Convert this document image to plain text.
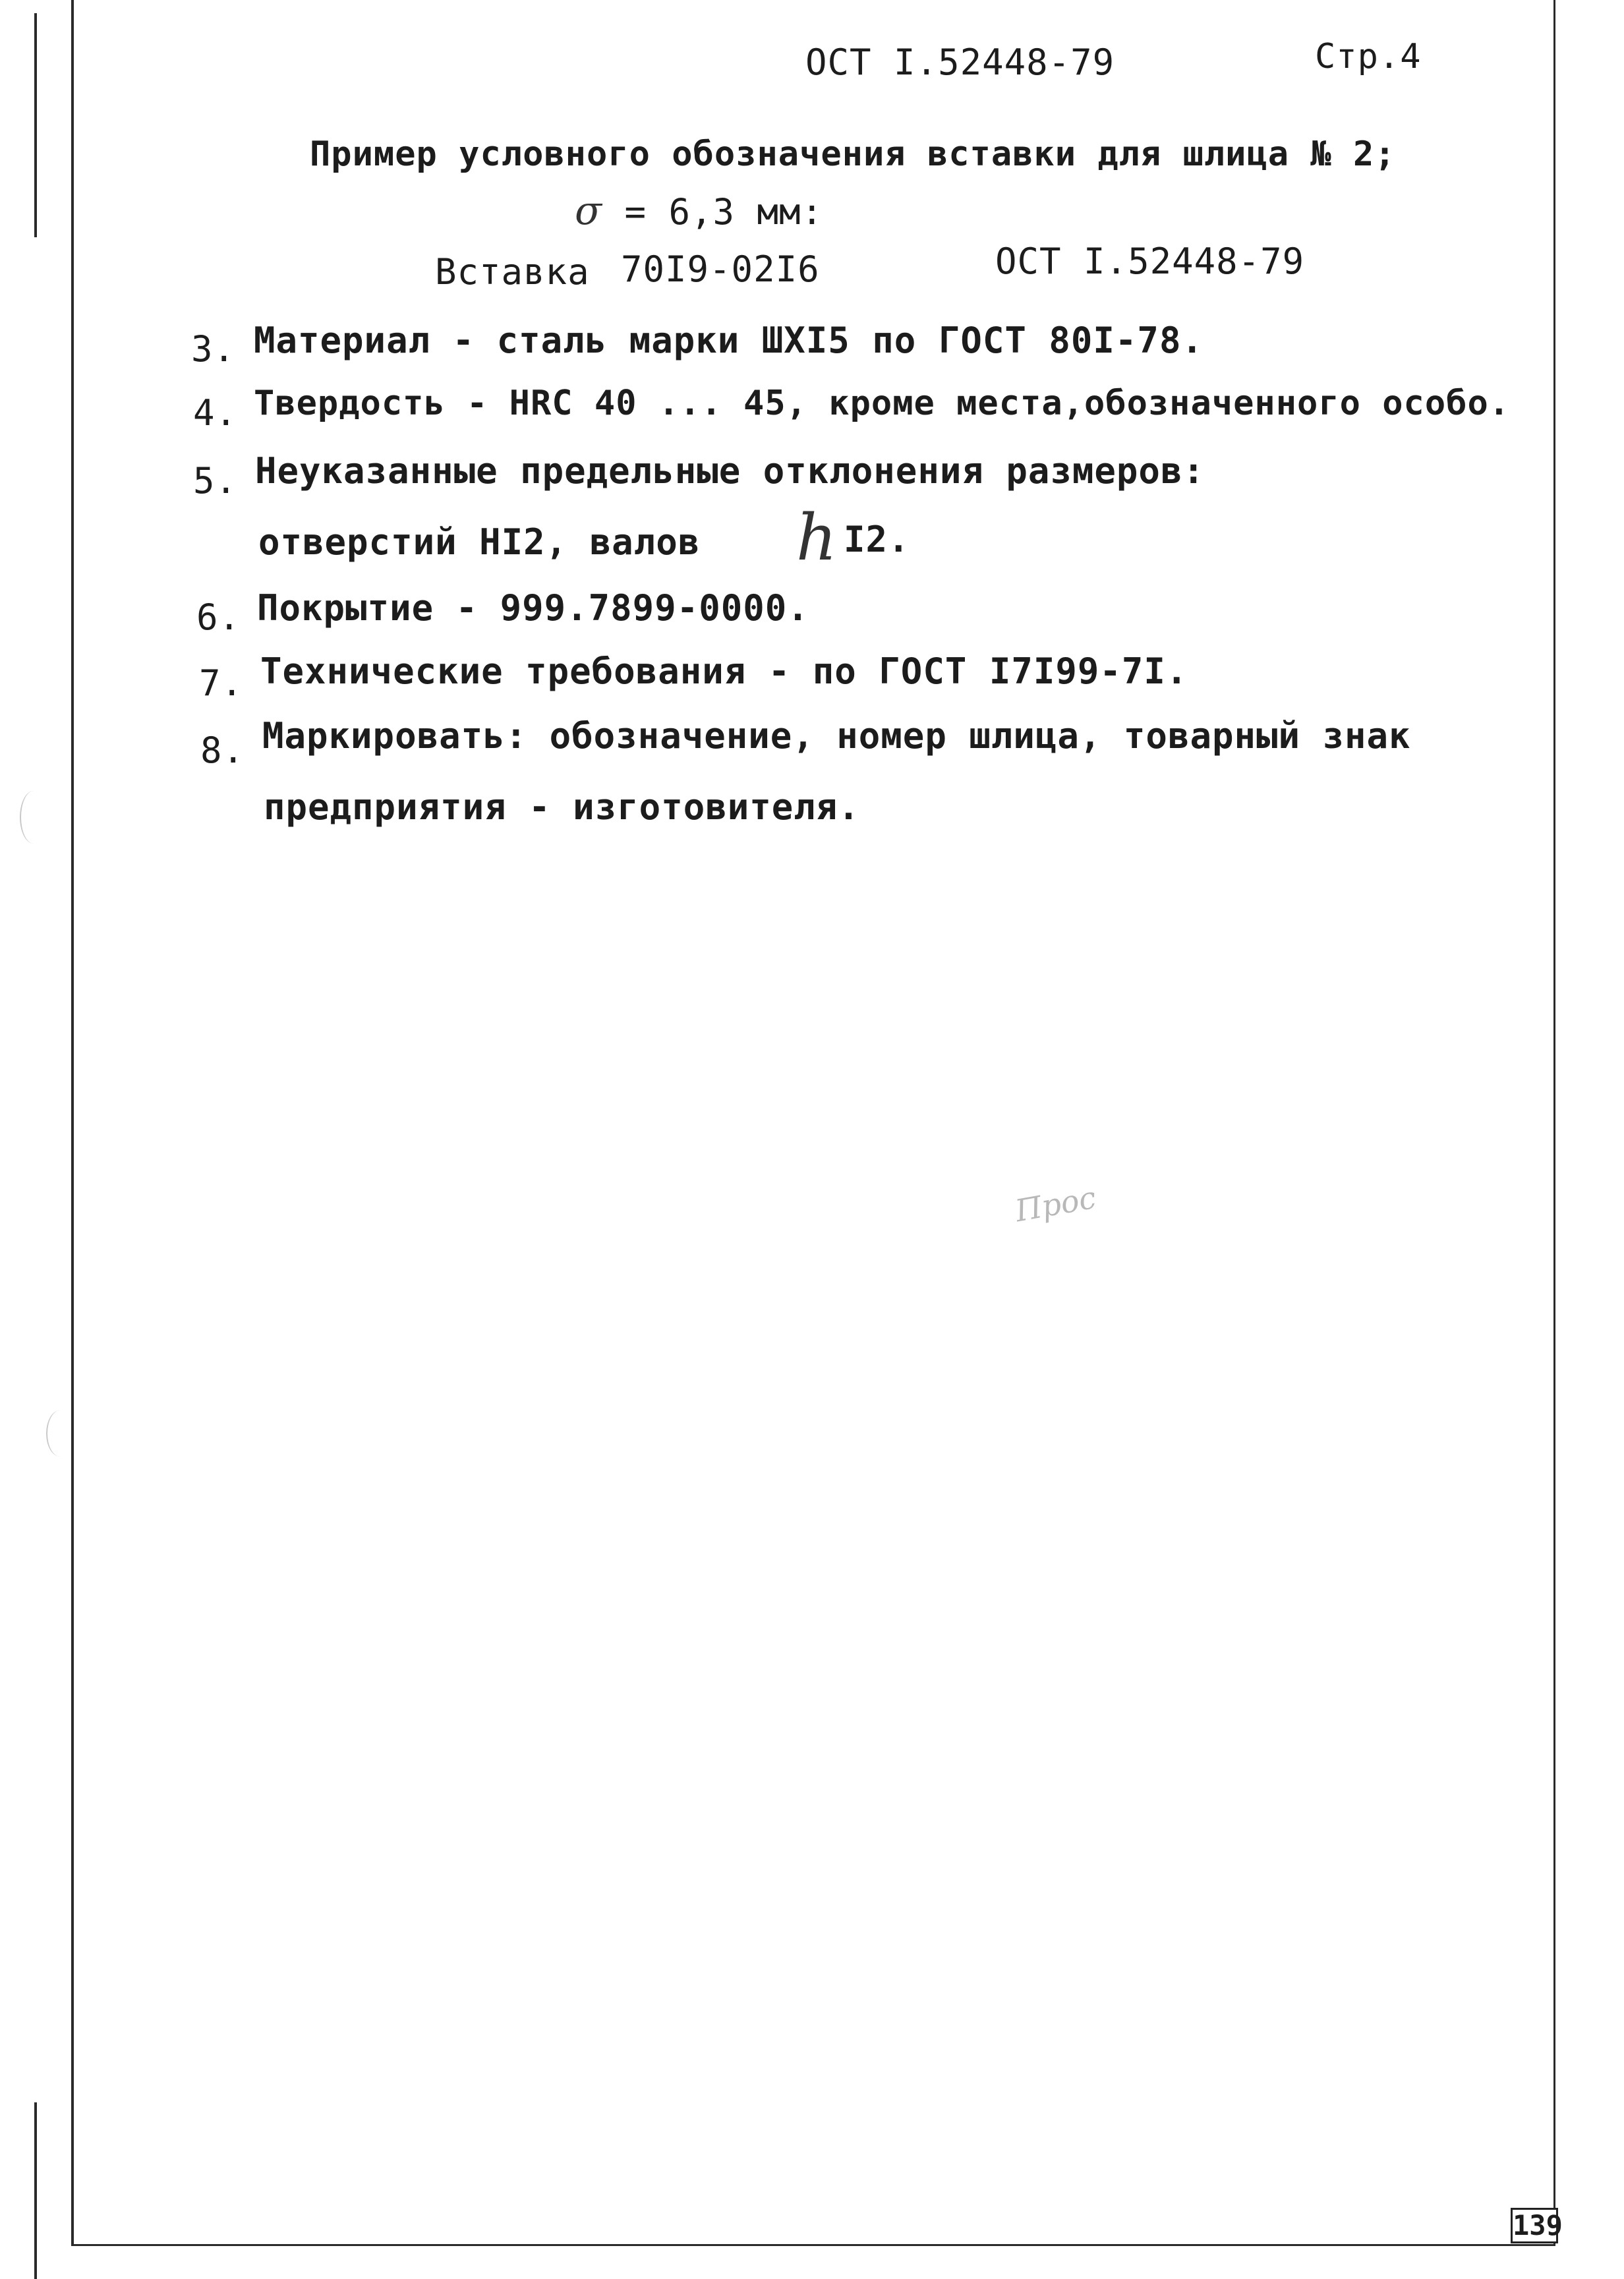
ОСТ I.52448-79	Стр.4
Пример условного обозначения вставки для шлица № 2;
σ = 6,3 мм:
Вставка 70I9-02I6	ОСТ I.52448-79
3. Материал - сталь марки ШХI5 по ГОСТ 80I-78.
4. Твердость - HRC 40 ... 45, кроме места,обозначенного особо.
5. Неуказанные предельные отклонения размеров:
отверстий HI2, валов h I2.
6. Покрытие - 999.7899-0000.
7. Технические требования - по ГОСТ I7I99-7I.
8. Маркировать: обозначение, номер шлица, товарный знак
предприятия - изготовителя.
Прос
139
